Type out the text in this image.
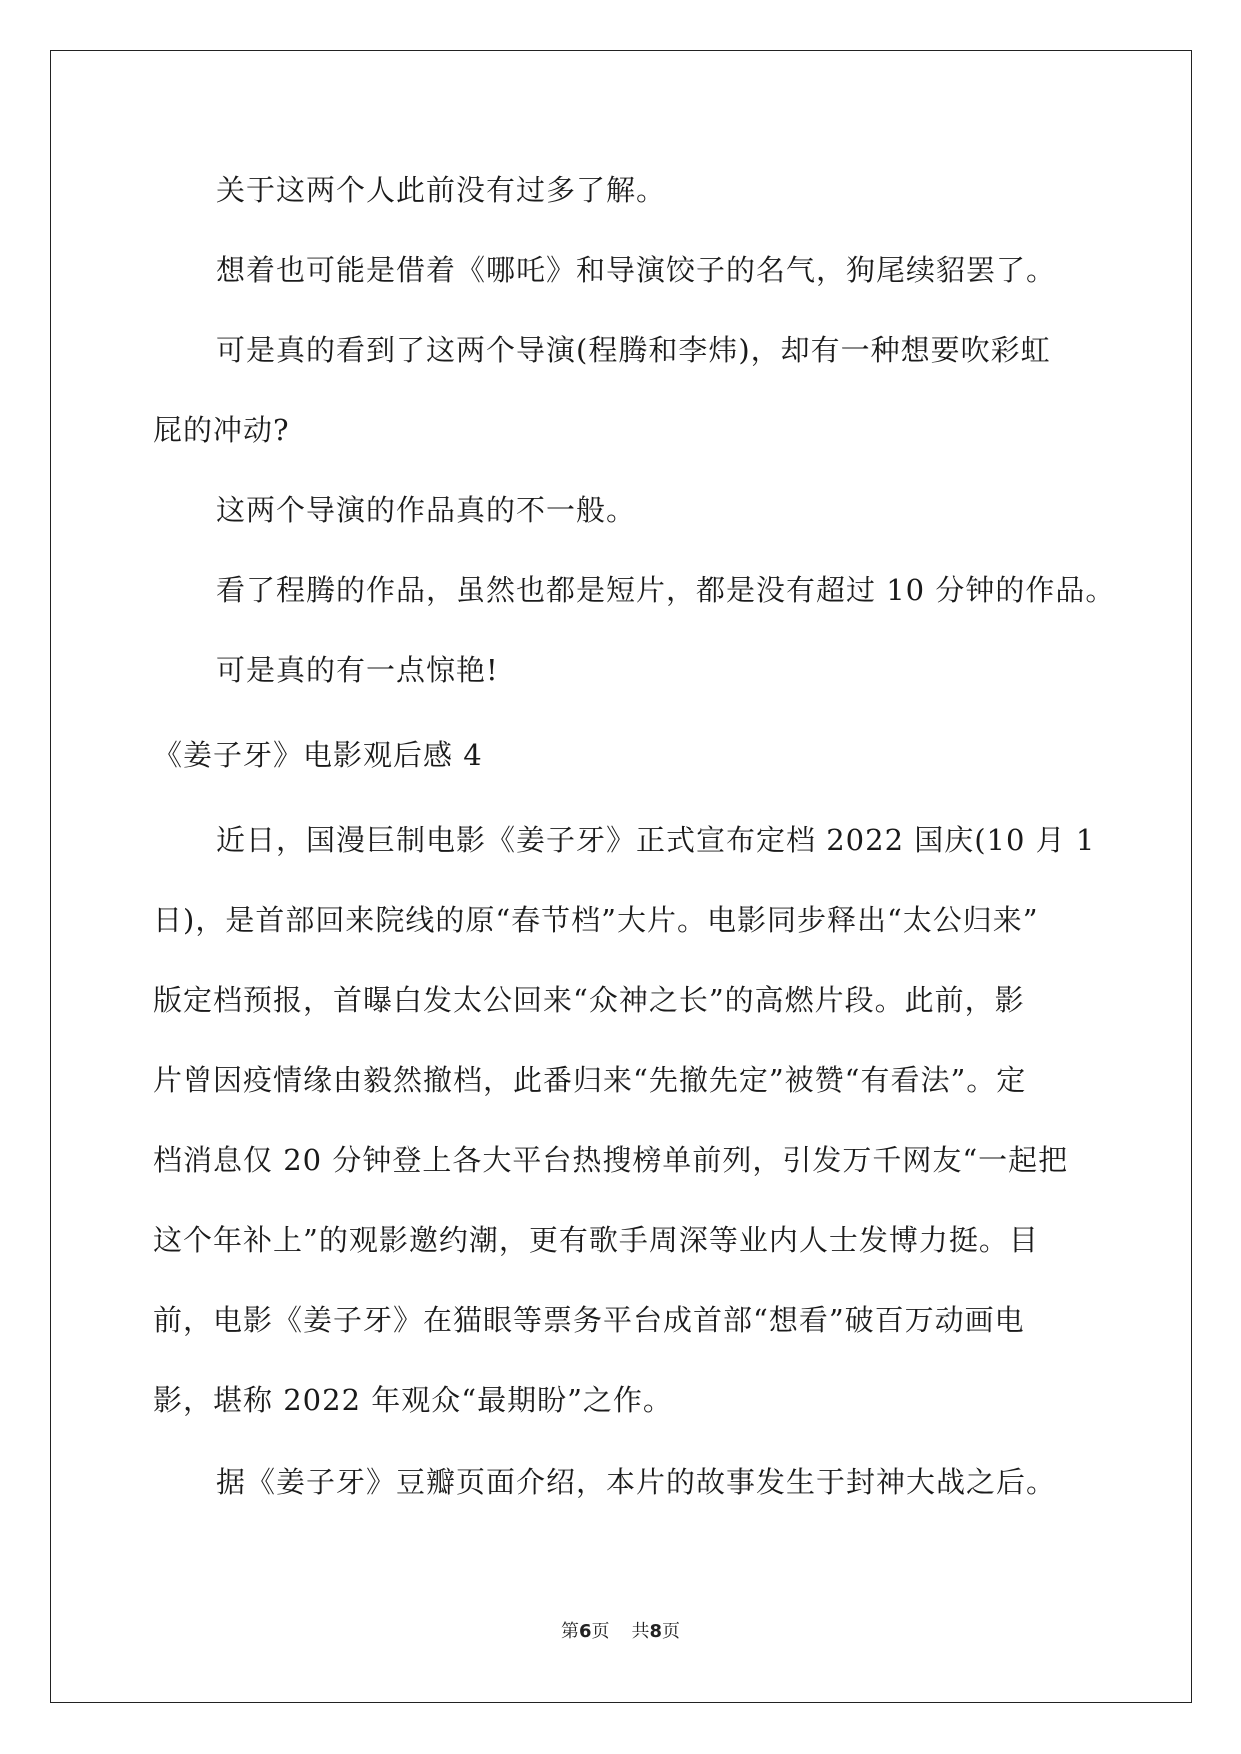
关于这两个人此前没有过多了解。
想着也可能是借着《哪吒》和导演饺子的名气，狗尾续貂罢了。
可是真的看到了这两个导演(程腾和李炜)，却有一种想要吹彩虹
屁的冲动?
这两个导演的作品真的不一般。
看了程腾的作品，虽然也都是短片，都是没有超过 10 分钟的作品。
可是真的有一点惊艳!
《姜子牙》电影观后感 4
近日，国漫巨制电影《姜子牙》正式宣布定档 2022 国庆(10 月 1
日)，是首部回来院线的原“春节档”大片。电影同步释出“太公归来”
版定档预报，首曝白发太公回来“众神之长”的高燃片段。此前，影
片曾因疫情缘由毅然撤档，此番归来“先撤先定”被赞“有看法”。定
档消息仅 20 分钟登上各大平台热搜榜单前列，引发万千网友“一起把
这个年补上”的观影邀约潮，更有歌手周深等业内人士发博力挺。目
前，电影《姜子牙》在猫眼等票务平台成首部“想看”破百万动画电
影，堪称 2022 年观众“最期盼”之作。
据《姜子牙》豆瓣页面介绍，本片的故事发生于封神大战之后。
第6页 共8页
